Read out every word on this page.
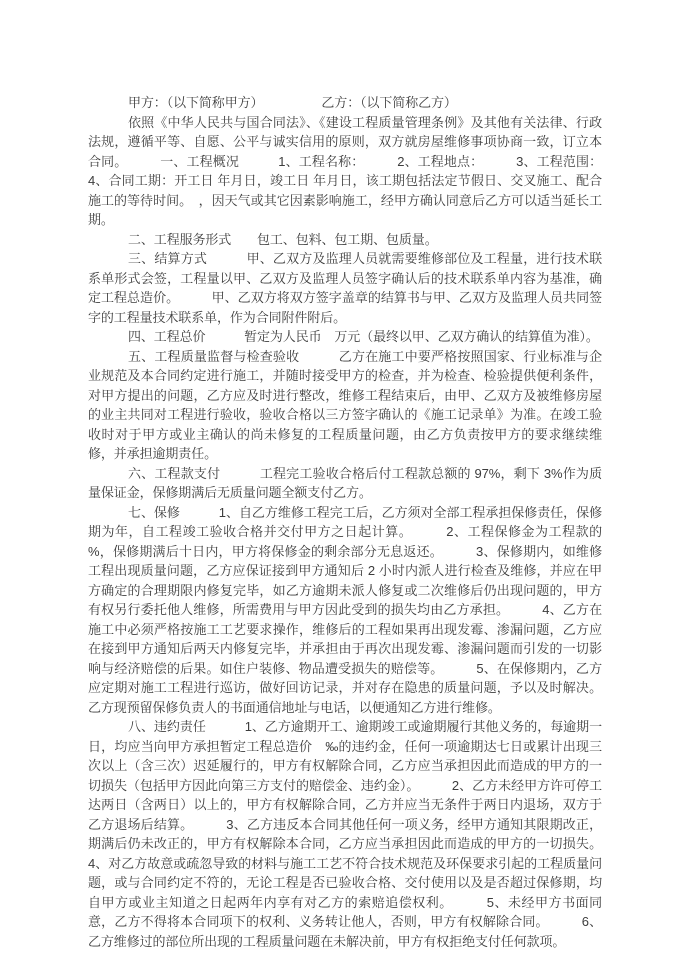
甲方：（以下简称甲方）　　　　　乙方：（以下简称乙方）

依照《中华人民共与国合同法》、《建设工程质量管理条例》及其他有关法律、行政法规，遵循平等、自愿、公平与诚实信用的原则，双方就房屋维修事项协商一致，订立本合同。　　　一、工程概况　　　1、工程名称：　　　2、工程地点：　　　3、工程范围：4、合同工期：开工日 年月日，竣工日 年月日，该工期包括法定节假日、交叉施工、配合施工的等待时间。　，因天气或其它因素影响施工，经甲方确认同意后乙方可以适当延长工期。

二、工程服务形式　　包工、包料、包工期、包质量。

三、结算方式　　　甲、乙双方及监理人员就需要维修部位及工程量，进行技术联系单形式会签，工程量以甲、乙双方及监理人员签字确认后的技术联系单内容为基准，确定工程总造价。　　　甲、乙双方将双方签字盖章的结算书与甲、乙双方及监理人员共同签字的工程量技术联系单，作为合同附件附后。

四、工程总价　　　暂定为人民币　万元（最终以甲、乙双方确认的结算值为准）。

五、工程质量监督与检查验收　　　乙方在施工中要严格按照国家、行业标准与企业规范及本合同约定进行施工，并随时接受甲方的检查，并为检查、检验提供便利条件，对甲方提出的问题，乙方应及时进行整改，维修工程结束后，由甲、乙双方及被维修房屋的业主共同对工程进行验收，验收合格以三方签字确认的《施工记录单》为准。在竣工验收时对于甲方或业主确认的尚未修复的工程质量问题，由乙方负责按甲方的要求继续维修，并承担逾期责任。

六、工程款支付　　　工程完工验收合格后付工程款总额的 97%，剩下 3%作为质量保证金，保修期满后无质量问题全额支付乙方。

七、保修　　　1、自乙方维修工程完工后，乙方须对全部工程承担保修责任，保修期为年，自工程竣工验收合格并交付甲方之日起计算。　　　2、工程保修金为工程款的 %，保修期满后十日内，甲方将保修金的剩余部分无息返还。　　　3、保修期内，如维修工程出现质量问题，乙方应保证接到甲方通知后 2 小时内派人进行检查及维修，并应在甲方确定的合理期限内修复完毕，如乙方逾期未派人修复或二次维修后仍出现问题的，甲方有权另行委托他人维修，所需费用与甲方因此受到的损失均由乙方承担。　　　4、乙方在施工中必须严格按施工工艺要求操作，维修后的工程如果再出现发霉、渗漏问题，乙方应在接到甲方通知后两天内修复完毕，并承担由于再次出现发霉、渗漏问题而引发的一切影响与经济赔偿的后果。如住户装修、物品遭受损失的赔偿等。　　　5、在保修期内，乙方应定期对施工工程进行巡访，做好回访记录，并对存在隐患的质量问题，予以及时解决。乙方现预留保修负责人的书面通信地址与电话，以便通知乙方进行维修。

八、违约责任　　　1、乙方逾期开工、逾期竣工或逾期履行其他义务的，每逾期一日，均应当向甲方承担暂定工程总造价　‰的违约金，任何一项逾期达七日或累计出现三次以上（含三次）迟延履行的，甲方有权解除合同，乙方应当承担因此而造成的甲方的一切损失（包括甲方因此向第三方支付的赔偿金、违约金）。　　　2、乙方未经甲方许可停工达两日（含两日）以上的，甲方有权解除合同，乙方并应当无条件于两日内退场，双方于乙方退场后结算。　　　3、乙方违反本合同其他任何一项义务，经甲方通知其限期改正，期满后仍未改正的，甲方有权解除本合同，乙方应当承担因此而造成的甲方的一切损失。4、对乙方故意或疏忽导致的材料与施工工艺不符合技术规范及环保要求引起的工程质量问题，或与合同约定不符的，无论工程是否已验收合格、交付使用以及是否超过保修期，均自甲方或业主知道之日起两年内享有对乙方的索赔追偿权利。　　　5、未经甲方书面同意，乙方不得将本合同项下的权利、义务转让他人，否则，甲方有权解除合同。　　　6、乙方维修过的部位所出现的工程质量问题在未解决前，甲方有权拒绝支付任何款项。
